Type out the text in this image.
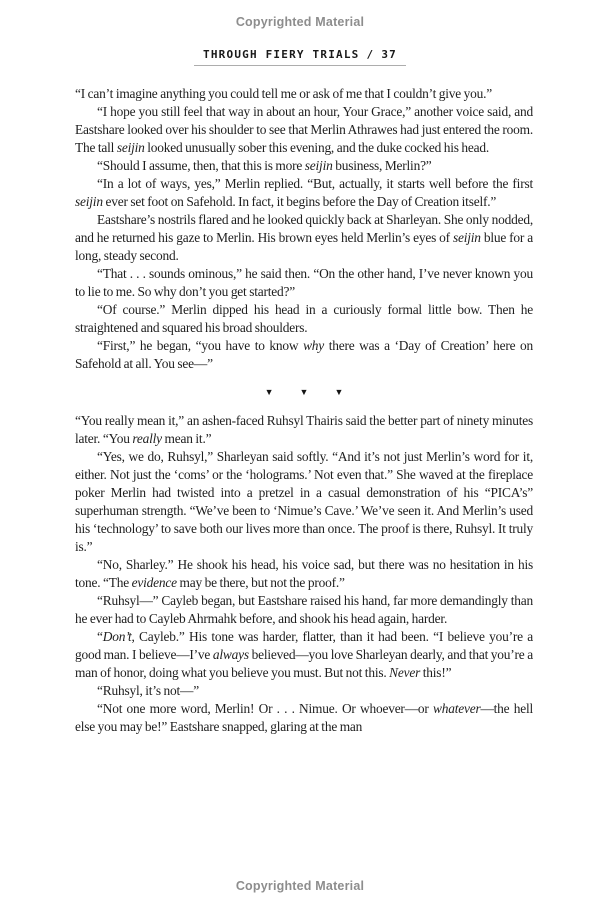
Copyrighted Material
THROUGH FIERY TRIALS / 37

“I can’t imagine anything you could tell me or ask of me that I couldn’t give you.”

“I hope you still feel that way in about an hour, Your Grace,” another voice said, and Eastshare looked over his shoulder to see that Merlin Athrawes had just entered the room. The tall seijin looked unusually sober this evening, and the duke cocked his head.

“Should I assume, then, that this is more seijin business, Merlin?”

“In a lot of ways, yes,” Merlin replied. “But, actually, it starts well before the first seijin ever set foot on Safehold. In fact, it begins before the Day of Creation itself.”

Eastshare’s nostrils flared and he looked quickly back at Sharleyan. She only nodded, and he returned his gaze to Merlin. His brown eyes held Merlin’s eyes of seijin blue for a long, steady second.

“That . . . sounds ominous,” he said then. “On the other hand, I’ve never known you to lie to me. So why don’t you get started?”

“Of course.” Merlin dipped his head in a curiously formal little bow. Then he straightened and squared his broad shoulders.

“First,” he began, “you have to know why there was a ‘Day of Creation’ here on Safehold at all. You see—”

▼	▼	▼

“You really mean it,” an ashen-faced Ruhsyl Thairis said the better part of ninety minutes later. “You really mean it.”

“Yes, we do, Ruhsyl,” Sharleyan said softly. “And it’s not just Merlin’s word for it, either. Not just the ‘coms’ or the ‘holograms.’ Not even that.” She waved at the fireplace poker Merlin had twisted into a pretzel in a casual demonstration of his “PICA’s” superhuman strength. “We’ve been to ‘Nimue’s Cave.’ We’ve seen it. And Merlin’s used his ‘technology’ to save both our lives more than once. The proof is there, Ruhsyl. It truly is.”

“No, Sharley.” He shook his head, his voice sad, but there was no hesitation in his tone. “The evidence may be there, but not the proof.”

“Ruhsyl—” Cayleb began, but Eastshare raised his hand, far more demandingly than he ever had to Cayleb Ahrmahk before, and shook his head again, harder.

“Don’t, Cayleb.” His tone was harder, flatter, than it had been. “I believe you’re a good man. I believe—I’ve always believed—you love Sharleyan dearly, and that you’re a man of honor, doing what you believe you must. But not this. Never this!”

“Ruhsyl, it’s not—”

“Not one more word, Merlin! Or . . . Nimue. Or whoever—or whatever—the hell else you may be!” Eastshare snapped, glaring at the man

Copyrighted Material
